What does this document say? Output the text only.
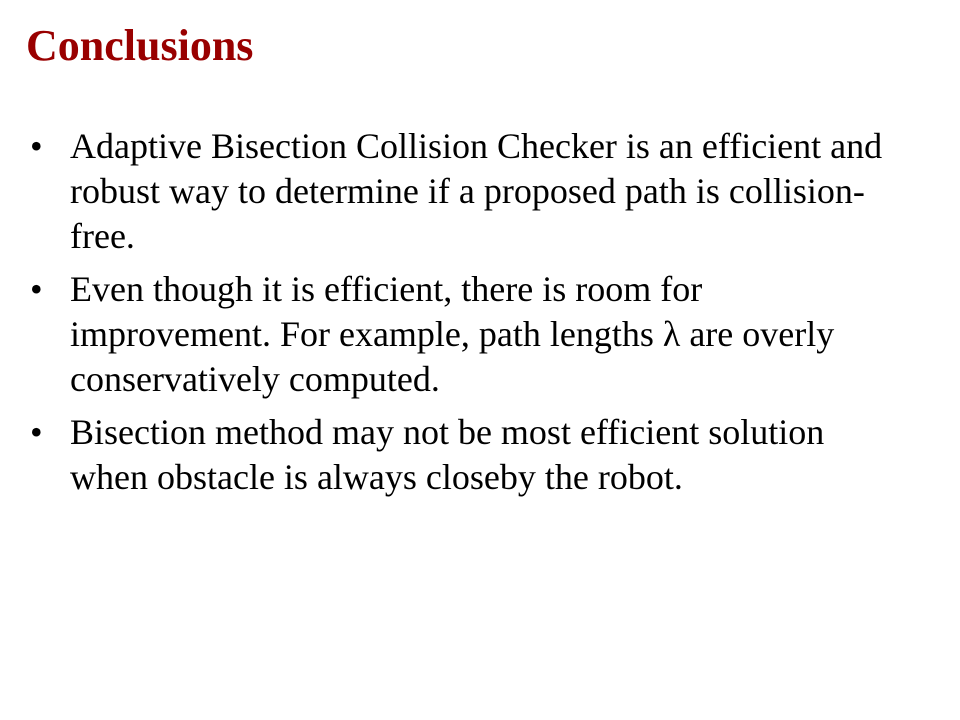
Conclusions
• Adaptive Bisection Collision Checker is an efficient and robust way to determine if a proposed path is collision-free.
• Even though it is efficient, there is room for improvement. For example, path lengths λ are overly conservatively computed.
• Bisection method may not be most efficient solution when obstacle is always closeby the robot.
